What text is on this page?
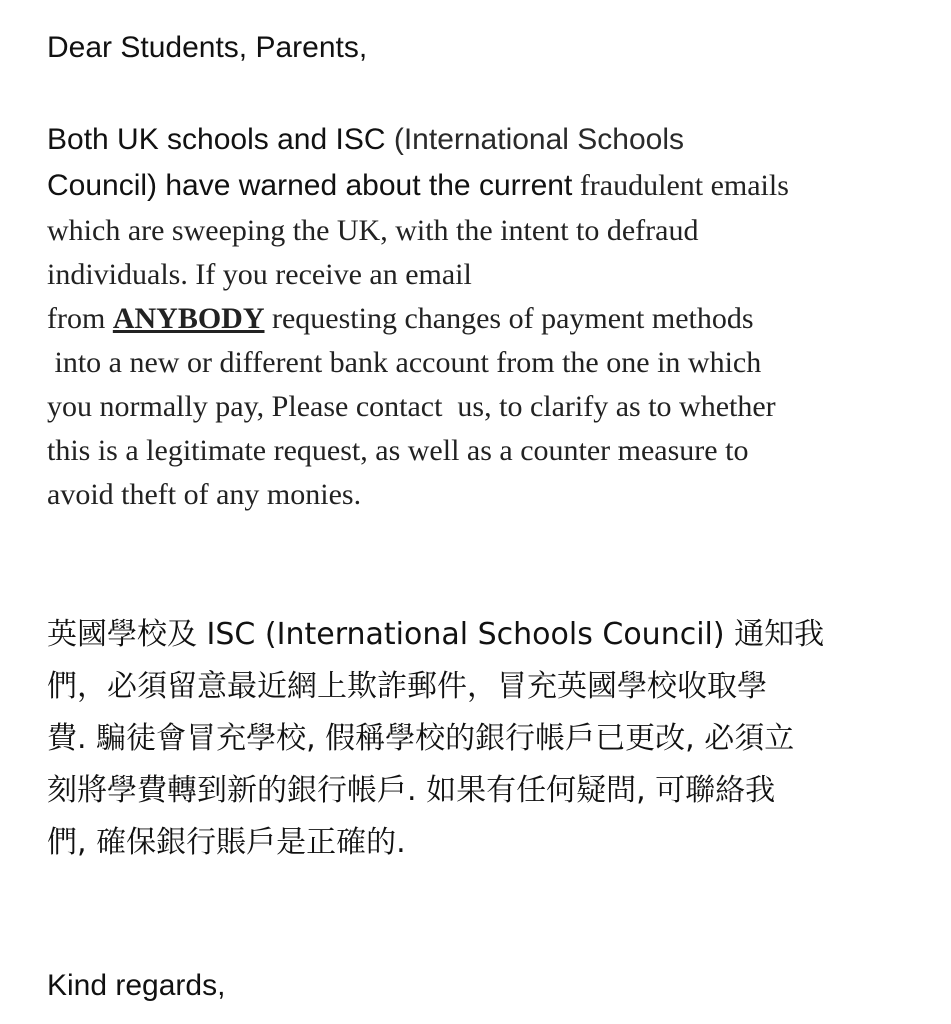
Dear Students, Parents,
Both UK schools and ISC (International Schools
Council) have warned about the current fraudulent emails
which are sweeping the UK, with the intent to defraud
individuals. If you receive an email
from ANYBODY requesting changes of payment methods
into a new or different bank account from the one in which
you normally pay, Please contact  us, to clarify as to whether
this is a legitimate request, as well as a counter measure to
avoid theft of any monies.
英國學校及 ISC (International Schools Council) 通知我
們，必須留意最近網上欺詐郵件，冒充英國學校收取學
費. 騙徒會冒充學校, 假稱學校的銀行帳戶已更改, 必須立
刻將學費轉到新的銀行帳戶. 如果有任何疑問, 可聯絡我
們, 確保銀行賬戶是正確的.
Kind regards,
